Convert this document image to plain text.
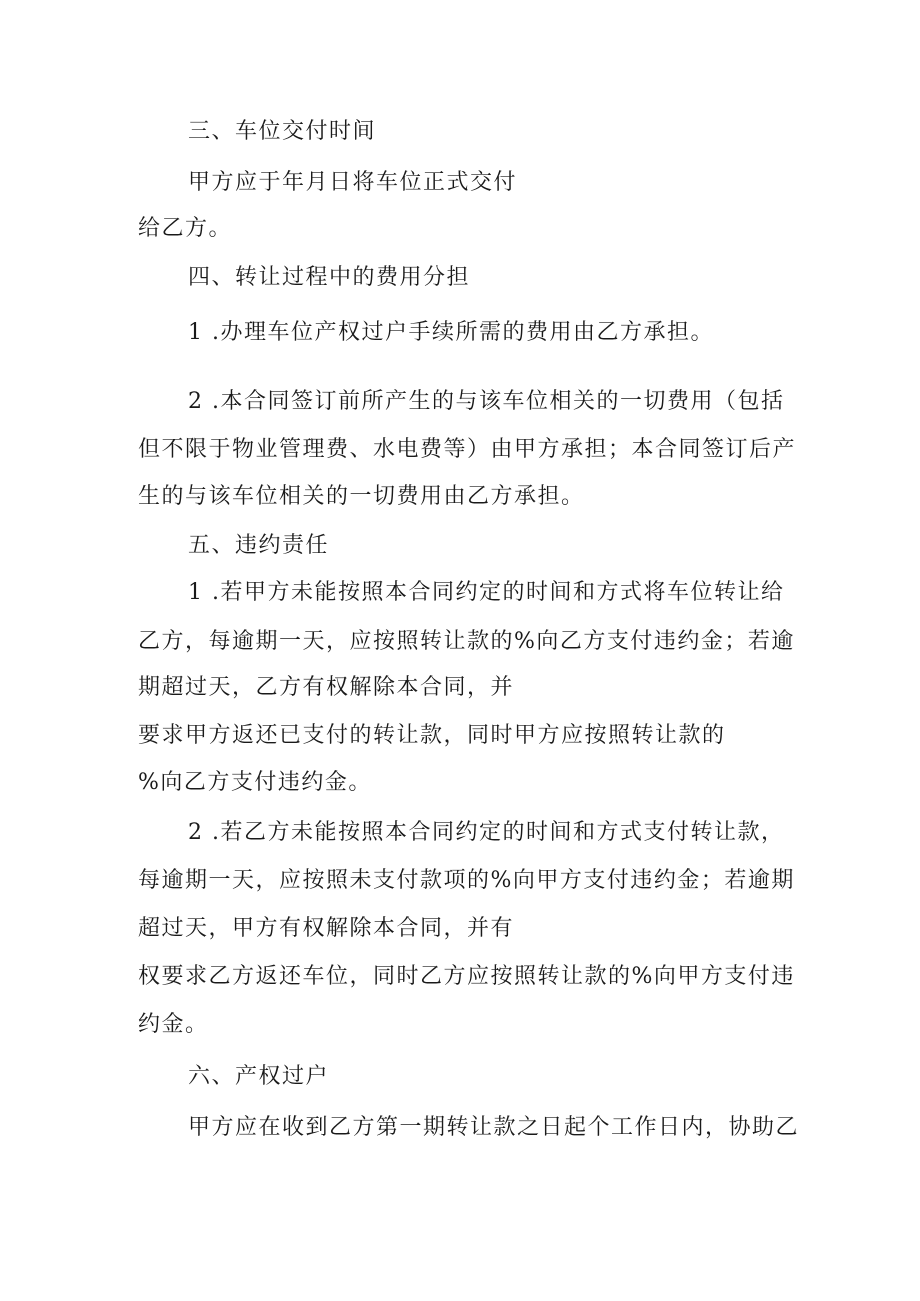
三、车位交付时间
甲方应于年月日将车位正式交付
给乙方。
四、转让过程中的费用分担
1 .办理车位产权过户手续所需的费用由乙方承担。
2 .本合同签订前所产生的与该车位相关的一切费用（包括
但不限于物业管理费、水电费等）由甲方承担；本合同签订后产
生的与该车位相关的一切费用由乙方承担。
五、违约责任
1 .若甲方未能按照本合同约定的时间和方式将车位转让给
乙方，每逾期一天，应按照转让款的%向乙方支付违约金；若逾
期超过天，乙方有权解除本合同，并
要求甲方返还已支付的转让款，同时甲方应按照转让款的
%向乙方支付违约金。
2 .若乙方未能按照本合同约定的时间和方式支付转让款，
每逾期一天，应按照未支付款项的%向甲方支付违约金；若逾期
超过天，甲方有权解除本合同，并有
权要求乙方返还车位，同时乙方应按照转让款的%向甲方支付违
约金。
六、产权过户
甲方应在收到乙方第一期转让款之日起个工作日内，协助乙
